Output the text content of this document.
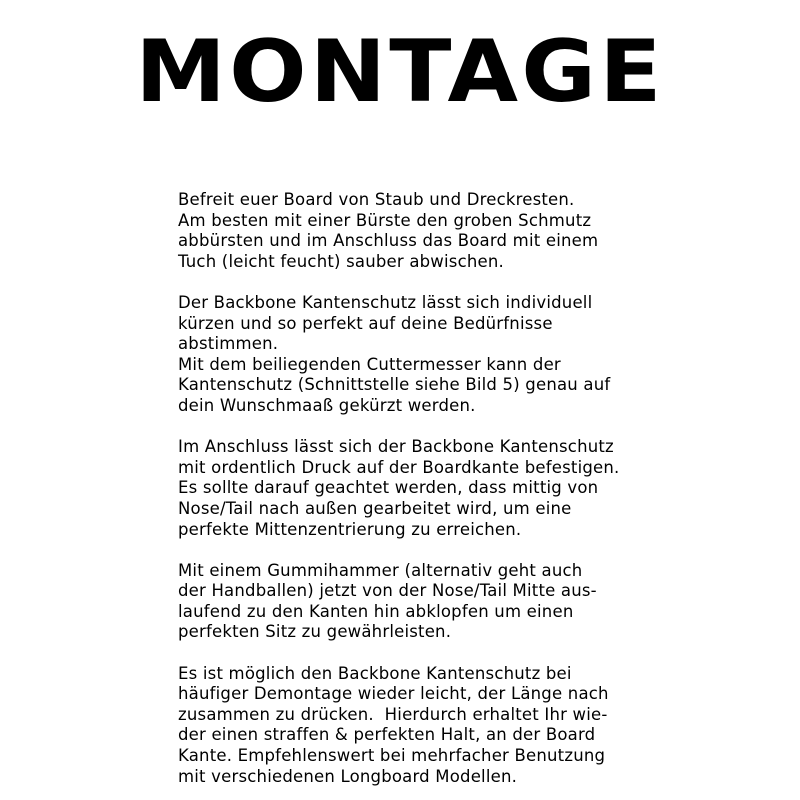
MONTAGE

Befreit euer Board von Staub und Dreckresten.
Am besten mit einer Bürste den groben Schmutz
abbürsten und im Anschluss das Board mit einem
Tuch (leicht feucht) sauber abwischen.

Der Backbone Kantenschutz lässt sich individuell
kürzen und so perfekt auf deine Bedürfnisse
abstimmen.
Mit dem beiliegenden Cuttermesser kann der
Kantenschutz (Schnittstelle siehe Bild 5) genau auf
dein Wunschmaaß gekürzt werden.

Im Anschluss lässt sich der Backbone Kantenschutz
mit ordentlich Druck auf der Boardkante befestigen.
Es sollte darauf geachtet werden, dass mittig von
Nose/Tail nach außen gearbeitet wird, um eine
perfekte Mittenzentrierung zu erreichen.

Mit einem Gummihammer (alternativ geht auch
der Handballen) jetzt von der Nose/Tail Mitte aus-
laufend zu den Kanten hin abklopfen um einen
perfekten Sitz zu gewährleisten.

Es ist möglich den Backbone Kantenschutz bei
häufiger Demontage wieder leicht, der Länge nach
zusammen zu drücken.  Hierdurch erhaltet Ihr wie-
der einen straffen & perfekten Halt, an der Board
Kante. Empfehlenswert bei mehrfacher Benutzung
mit verschiedenen Longboard Modellen.
